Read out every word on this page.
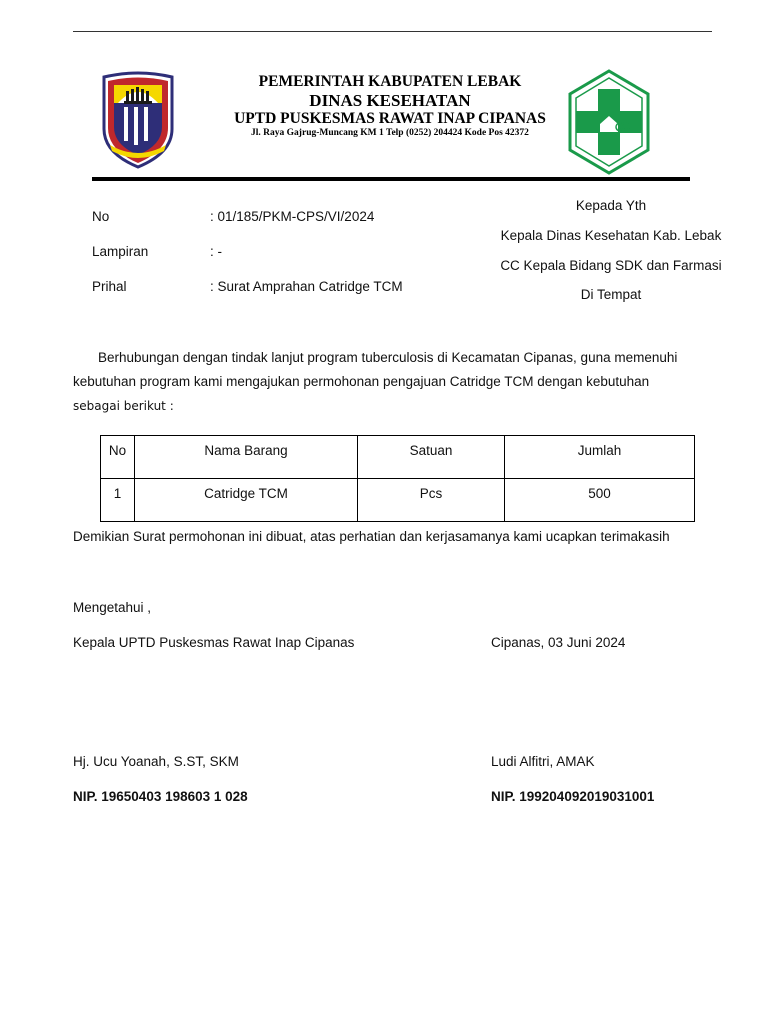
PEMERINTAH KABUPATEN LEBAK
DINAS KESEHATAN
UPTD PUSKESMAS RAWAT INAP CIPANAS
Jl. Raya Gajrug-Muncang KM 1 Telp (0252) 204424 Kode Pos 42372
No	: 01/185/PKM-CPS/VI/2024
Lampiran	: -
Prihal	: Surat Amprahan Catridge TCM
Kepada Yth
Kepala Dinas Kesehatan Kab. Lebak
CC Kepala Bidang SDK dan Farmasi
Di Tempat
Berhubungan dengan tindak lanjut program tuberculosis di Kecamatan Cipanas, guna memenuhi
kebutuhan program kami mengajukan permohonan pengajuan Catridge TCM dengan kebutuhan
sebagai berikut :
No	Nama Barang	Satuan	Jumlah

1	Catridge TCM	Pcs	500
Demikian Surat permohonan ini dibuat, atas perhatian dan kerjasamanya kami ucapkan terimakasih
Mengetahui ,
Kepala UPTD Puskesmas Rawat Inap Cipanas	Cipanas, 03 Juni 2024
Hj. Ucu Yoanah, S.ST, SKM	Ludi Alfitri, AMAK
NIP. 19650403 198603 1 028	NIP. 199204092019031001
